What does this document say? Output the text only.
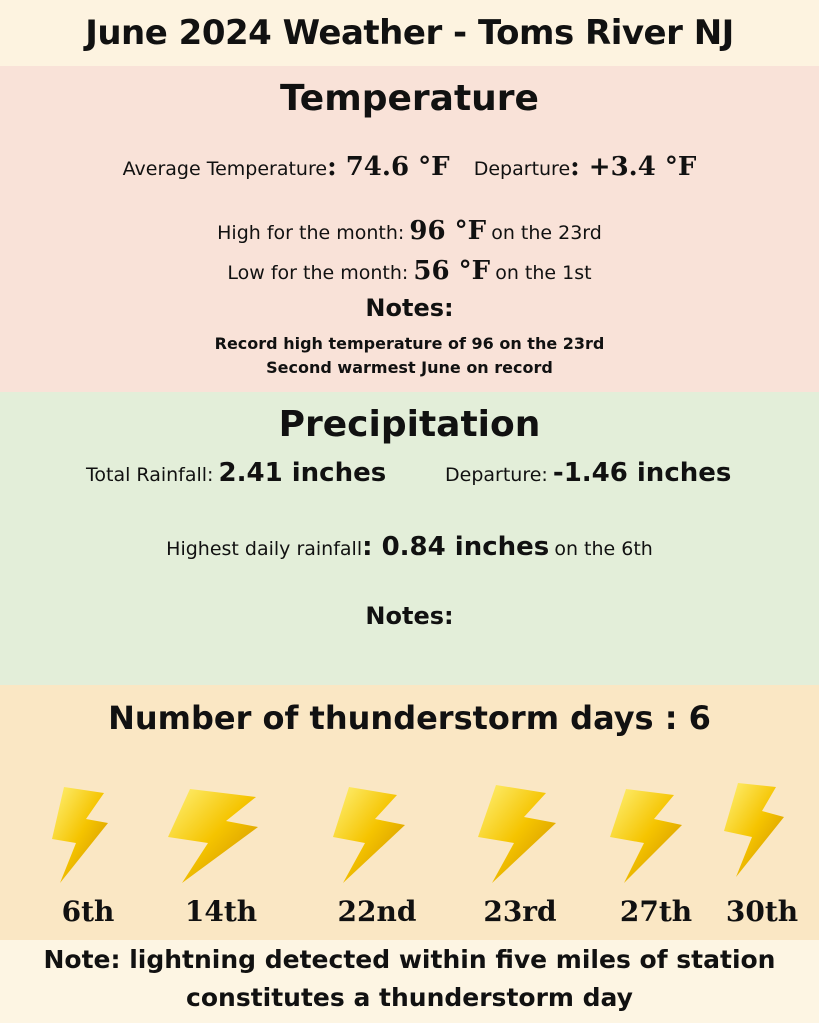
June 2024 Weather - Toms River NJ
Temperature
Average Temperature: 74.6 °F Departure: +3.4 °F
High for the month: 96 °F on the 23rd
Low for the month: 56 °F on the 1st
Notes:
Record high temperature of 96 on the 23rd
Second warmest June on record
Precipitation
Total Rainfall: 2.41 inches	Departure: -1.46 inches
Highest daily rainfall: 0.84 inches on the 6th
Notes:
Number of thunderstorm days : 6
6th	14th	22nd	23rd	27th	30th
Note: lightning detected within five miles of station
constitutes a thunderstorm day
